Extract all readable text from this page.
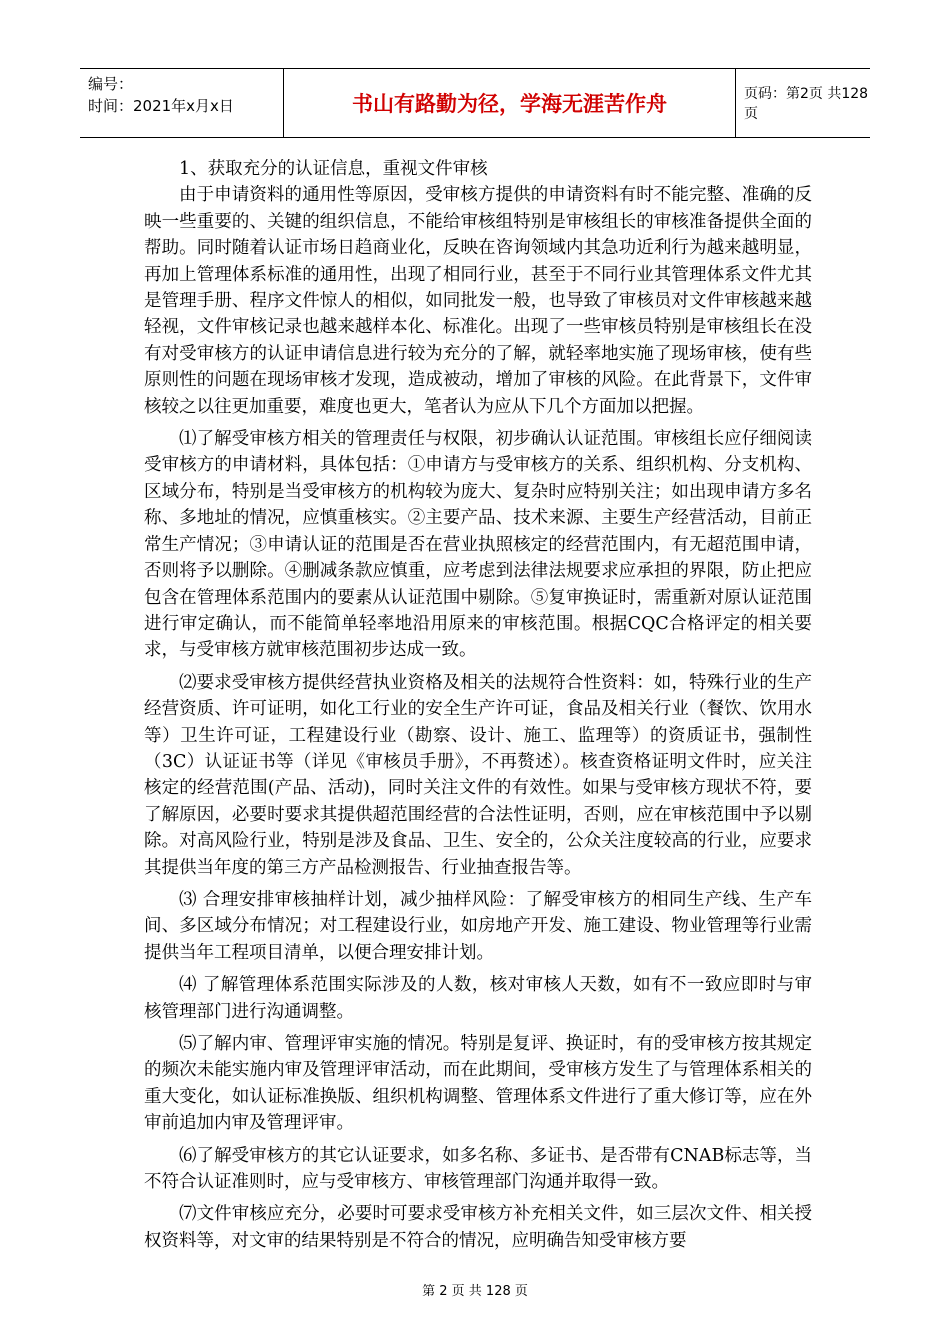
编号：
时间：2021年x月x日	书山有路勤为径，学海无涯苦作舟	页码：第2页 共128页

1、获取充分的认证信息，重视文件审核

由于申请资料的通用性等原因，受审核方提供的申请资料有时不能完整、准确的反映一些重要的、关键的组织信息，不能给审核组特别是审核组长的审核准备提供全面的帮助。同时随着认证市场日趋商业化，反映在咨询领域内其急功近利行为越来越明显，再加上管理体系标准的通用性，出现了相同行业，甚至于不同行业其管理体系文件尤其是管理手册、程序文件惊人的相似，如同批发一般，也导致了审核员对文件审核越来越轻视，文件审核记录也越来越样本化、标准化。出现了一些审核员特别是审核组长在没有对受审核方的认证申请信息进行较为充分的了解，就轻率地实施了现场审核，使有些原则性的问题在现场审核才发现，造成被动，增加了审核的风险。在此背景下，文件审核较之以往更加重要，难度也更大，笔者认为应从下几个方面加以把握。

⑴了解受审核方相关的管理责任与权限，初步确认认证范围。审核组长应仔细阅读受审核方的申请材料，具体包括：①申请方与受审核方的关系、组织机构、分支机构、区域分布，特别是当受审核方的机构较为庞大、复杂时应特别关注；如出现申请方多名称、多地址的情况，应慎重核实。②主要产品、技术来源、主要生产经营活动，目前正常生产情况；③申请认证的范围是否在营业执照核定的经营范围内，有无超范围申请，否则将予以删除。④删减条款应慎重，应考虑到法律法规要求应承担的界限，防止把应包含在管理体系范围内的要素从认证范围中剔除。⑤复审换证时，需重新对原认证范围进行审定确认，而不能简单轻率地沿用原来的审核范围。根据CQC合格评定的相关要求，与受审核方就审核范围初步达成一致。

⑵要求受审核方提供经营执业资格及相关的法规符合性资料：如，特殊行业的生产经营资质、许可证明，如化工行业的安全生产许可证，食品及相关行业（餐饮、饮用水等）卫生许可证，工程建设行业（勘察、设计、施工、监理等）的资质证书，强制性（3C）认证证书等（详见《审核员手册》，不再赘述）。核查资格证明文件时，应关注核定的经营范围(产品、活动)，同时关注文件的有效性。如果与受审核方现状不符，要了解原因，必要时要求其提供超范围经营的合法性证明，否则，应在审核范围中予以剔除。对高风险行业，特别是涉及食品、卫生、安全的，公众关注度较高的行业，应要求其提供当年度的第三方产品检测报告、行业抽查报告等。

⑶ 合理安排审核抽样计划，减少抽样风险：了解受审核方的相同生产线、生产车间、多区域分布情况；对工程建设行业，如房地产开发、施工建设、物业管理等行业需提供当年工程项目清单，以便合理安排计划。

⑷ 了解管理体系范围实际涉及的人数，核对审核人天数，如有不一致应即时与审核管理部门进行沟通调整。

⑸了解内审、管理评审实施的情况。特别是复评、换证时，有的受审核方按其规定的频次未能实施内审及管理评审活动，而在此期间，受审核方发生了与管理体系相关的重大变化，如认证标准换版、组织机构调整、管理体系文件进行了重大修订等，应在外审前追加内审及管理评审。

⑹了解受审核方的其它认证要求，如多名称、多证书、是否带有CNAB标志等，当不符合认证准则时，应与受审核方、审核管理部门沟通并取得一致。

⑺文件审核应充分，必要时可要求受审核方补充相关文件，如三层次文件、相关授权资料等，对文审的结果特别是不符合的情况，应明确告知受审核方要

第 2 页 共 128 页
